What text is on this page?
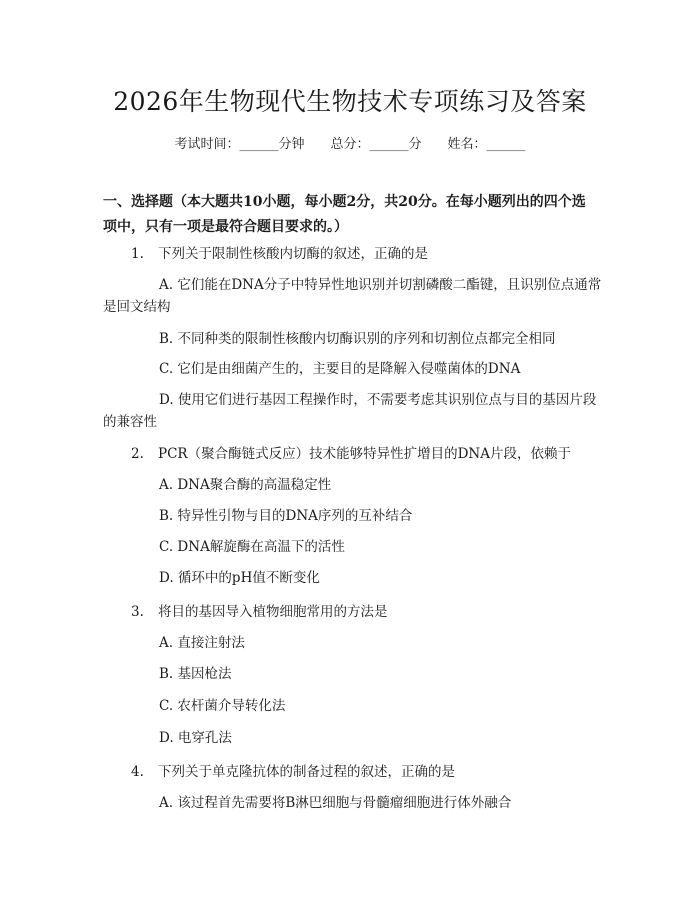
2026年生物现代生物技术专项练习及答案
考试时间：______分钟 总分：______分 姓名：______

一、选择题（本大题共10小题，每小题2分，共20分。在每小题列出的四个选项中，只有一项是最符合题目要求的。）

1. 下列关于限制性核酸内切酶的叙述，正确的是
A. 它们能在DNA分子中特异性地识别并切割磷酸二酯键，且识别位点通常是回文结构
B. 不同种类的限制性核酸内切酶识别的序列和切割位点都完全相同
C. 它们是由细菌产生的，主要目的是降解入侵噬菌体的DNA
D. 使用它们进行基因工程操作时，不需要考虑其识别位点与目的基因片段的兼容性
2. PCR（聚合酶链式反应）技术能够特异性扩增目的DNA片段，依赖于
A. DNA聚合酶的高温稳定性
B. 特异性引物与目的DNA序列的互补结合
C. DNA解旋酶在高温下的活性
D. 循环中的pH值不断变化
3. 将目的基因导入植物细胞常用的方法是
A. 直接注射法
B. 基因枪法
C. 农杆菌介导转化法
D. 电穿孔法
4. 下列关于单克隆抗体的制备过程的叙述，正确的是
A. 该过程首先需要将B淋巴细胞与骨髓瘤细胞进行体外融合
